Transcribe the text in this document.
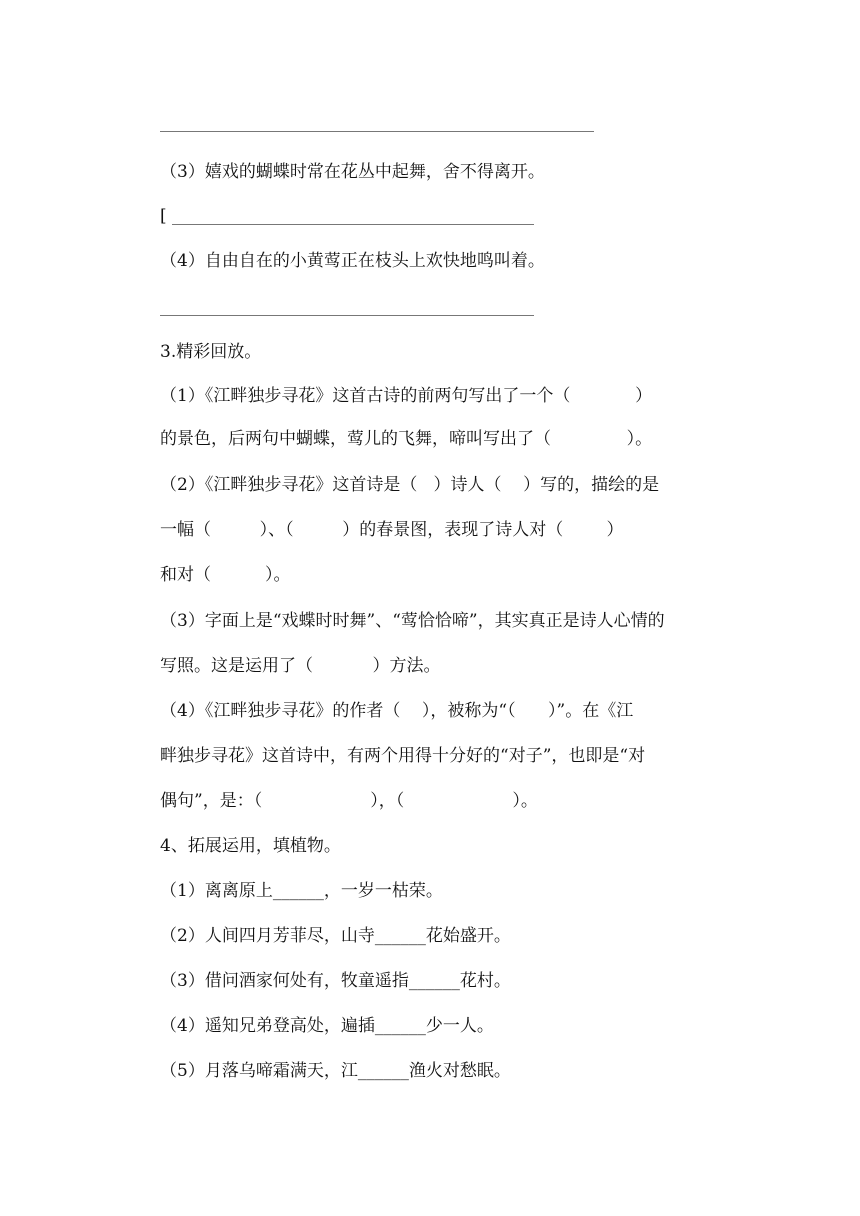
（3）嬉戏的蝴蝶时常在花丛中起舞，舍不得离开。
[
（4）自由自在的小黄莺正在枝头上欢快地鸣叫着。
3.精彩回放。
（1）《江畔独步寻花》这首古诗的前两句写出了一个（            ）
的景色，后两句中蝴蝶，莺儿的飞舞，啼叫写出了（              ）。
（2）《江畔独步寻花》这首诗是（   ）诗人（    ）写的，描绘的是
一幅（         ）、（         ）的春景图，表现了诗人对（        ）
和对（          ）。
（3）字面上是“戏蝶时时舞”、“莺恰恰啼”，其实真正是诗人心情的
写照。这是运用了（           ）方法。
（4）《江畔独步寻花》的作者（    ），被称为“（      ）”。在《江
畔独步寻花》这首诗中，有两个用得十分好的“对子”，也即是“对
偶句”，是：（                    ），（                    ）。
4、拓展运用，填植物。
（1）离离原上______，一岁一枯荣。
（2）人间四月芳菲尽，山寺______花始盛开。
（3）借问酒家何处有，牧童遥指______花村。
（4）遥知兄弟登高处，遍插______少一人。
（5）月落乌啼霜满天，江______渔火对愁眠。
